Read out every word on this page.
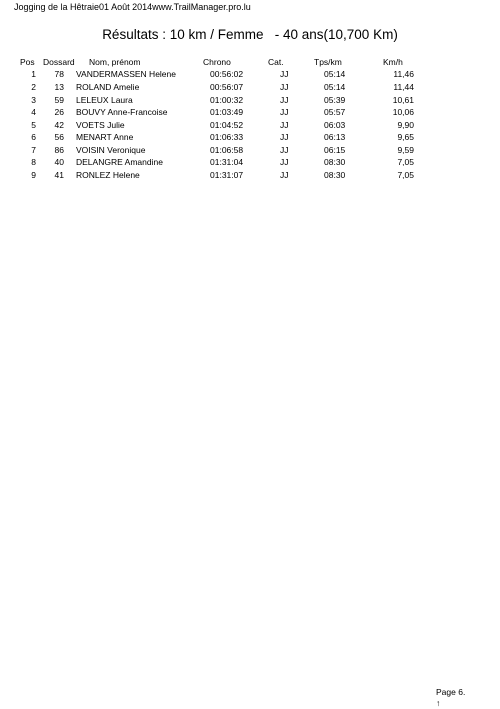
Jogging de la Hêtraie01 Août 2014www.TrailManager.pro.lu
Résultats : 10 km / Femme - 40 ans(10,700 Km)
Pos Dossard Nom, prénom	Chrono	Cat.	Tps/km	Km/h
1	78 VANDERMASSEN Helene	00:56:02	JJ	05:14	11,46
2	13 ROLAND Amelie	00:56:07	JJ	05:14	11,44
3	59 LELEUX Laura	01:00:32	JJ	05:39	10,61
4	26 BOUVY Anne-Francoise	01:03:49	JJ	05:57	10,06
5	42 VOETS Julie	01:04:52	JJ	06:03	9,90
6	56 MENART Anne	01:06:33	JJ	06:13	9,65
7	86 VOISIN Veronique	01:06:58	JJ	06:15	9,59
8	40 DELANGRE Amandine	01:31:04	JJ	08:30	7,05
9	41 RONLEZ Helene	01:31:07	JJ	08:30	7,05
Page 6.
↑
